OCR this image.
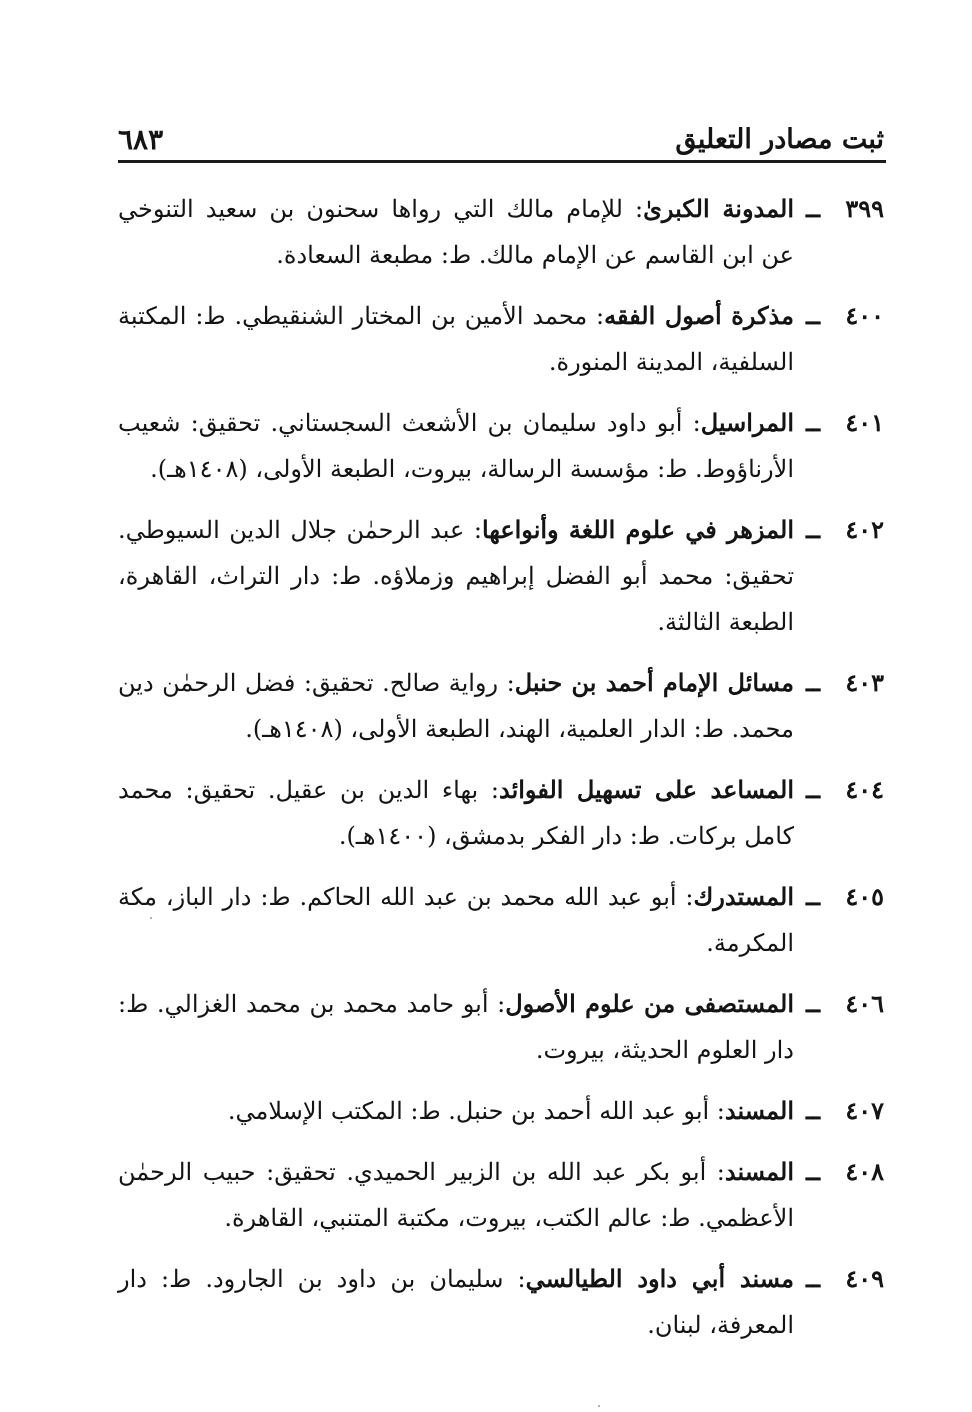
ثبت مصادر التعليق
٦٨٣
٣٩٩
ــ
المدونة الكبرىٰ: للإمام مالك التي رواها سحنون بن سعيد التنوخي عن ابن القاسم عن الإمام مالك. ط: مطبعة السعادة.
٤٠٠
ــ
مذكرة أصول الفقه: محمد الأمين بن المختار الشنقيطي. ط: المكتبة السلفية، المدينة المنورة.
٤٠١
ــ
المراسيل: أبو داود سليمان بن الأشعث السجستاني. تحقيق: شعيب الأرناؤوط. ط: مؤسسة الرسالة، بيروت، الطبعة الأولى، (١٤٠٨هـ).
٤٠٢
ــ
المزهر في علوم اللغة وأنواعها: عبد الرحمٰن جلال الدين السيوطي. تحقيق: محمد أبو الفضل إبراهيم وزملاؤه. ط: دار التراث، القاهرة، الطبعة الثالثة.
٤٠٣
ــ
مسائل الإمام أحمد بن حنبل: رواية صالح. تحقيق: فضل الرحمٰن دين محمد. ط: الدار العلمية، الهند، الطبعة الأولى، (١٤٠٨هـ).
٤٠٤
ــ
المساعد على تسهيل الفوائد: بهاء الدين بن عقيل. تحقيق: محمد كامل بركات. ط: دار الفكر بدمشق، (١٤٠٠هـ).
٤٠٥
ــ
المستدرك: أبو عبد الله محمد بن عبد الله الحاكم. ط: دار الباز، مكة المكرمة.
٤٠٦
ــ
المستصفى من علوم الأصول: أبو حامد محمد بن محمد الغزالي. ط: دار العلوم الحديثة، بيروت.
٤٠٧
ــ
المسند: أبو عبد الله أحمد بن حنبل. ط: المكتب الإسلامي.
٤٠٨
ــ
المسند: أبو بكر عبد الله بن الزبير الحميدي. تحقيق: حبيب الرحمٰن الأعظمي. ط: عالم الكتب، بيروت، مكتبة المتنبي، القاهرة.
٤٠٩
ــ
مسند أبي داود الطيالسي: سليمان بن داود بن الجارود. ط: دار المعرفة، لبنان.
